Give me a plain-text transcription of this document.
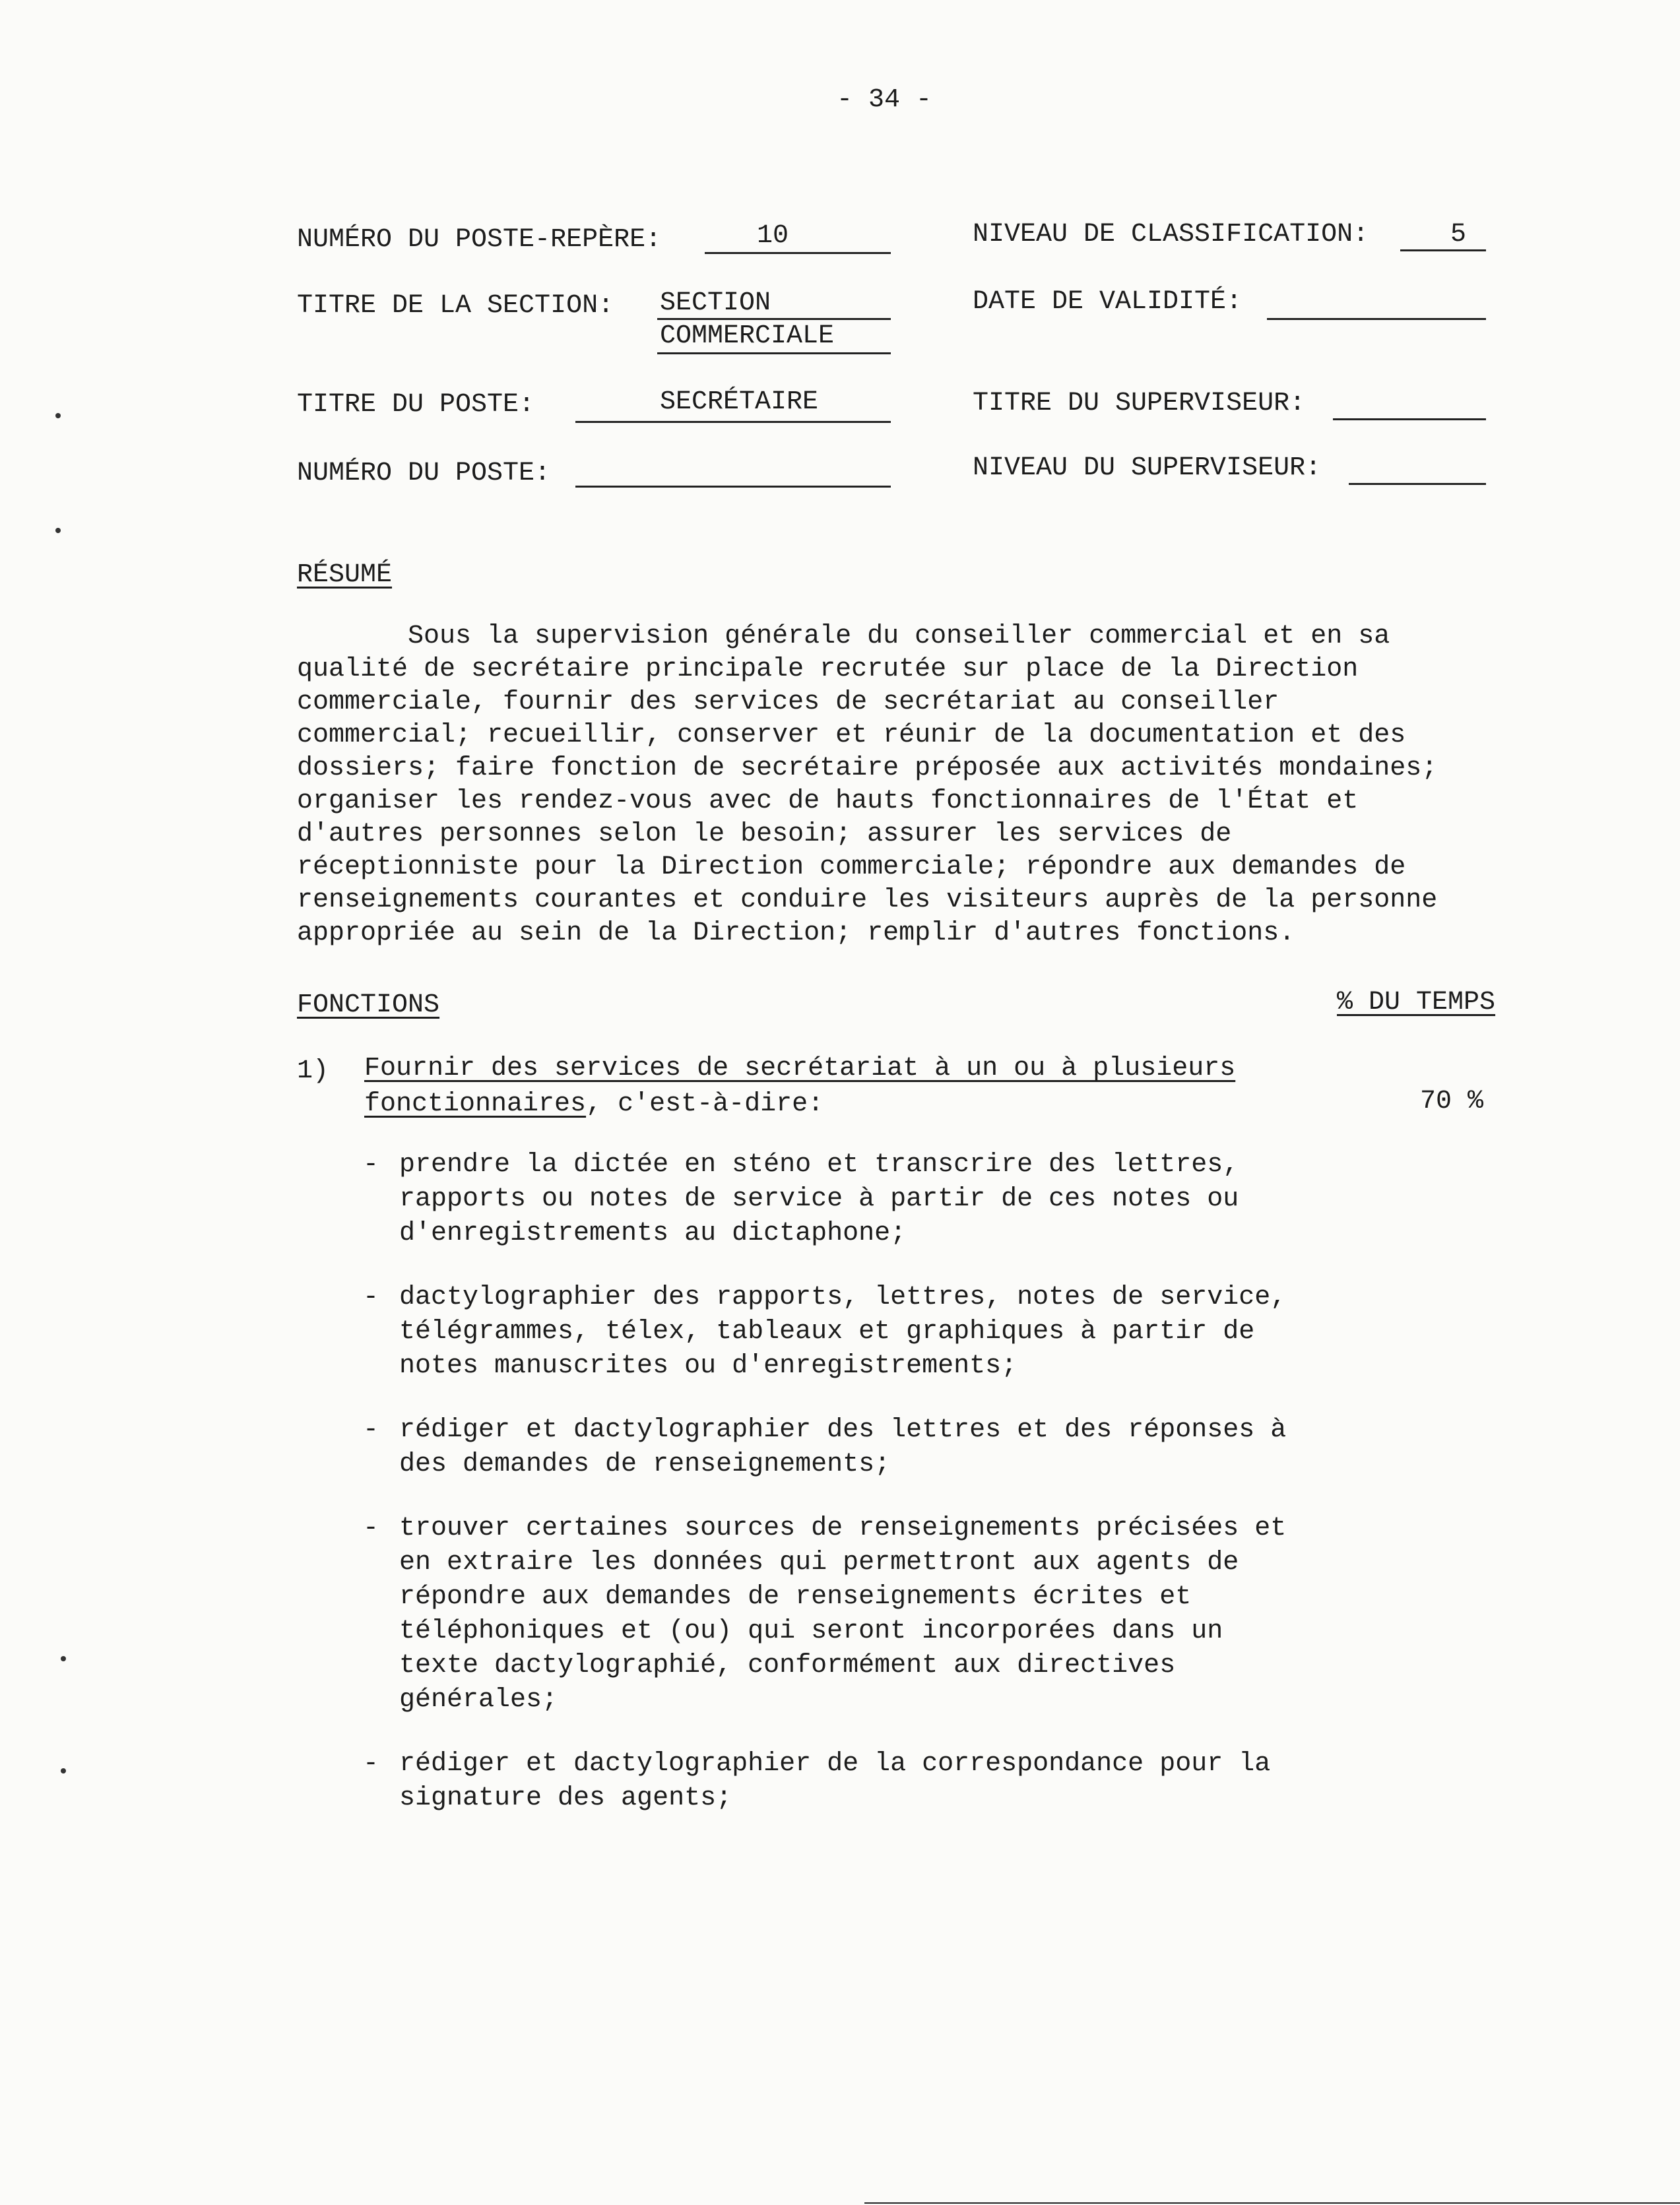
- 34 -
NUMÉRO DU POSTE-REPÈRE:	10
TITRE DE LA SECTION: SECTION
COMMERCIALE
TITRE DU POSTE:	SECRÉTAIRE
NUMÉRO DU POSTE:
NIVEAU DE CLASSIFICATION:	5
DATE DE VALIDITÉ:
TITRE DU SUPERVISEUR:
NIVEAU DU SUPERVISEUR:
RÉSUMÉ
Sous la supervision générale du conseiller commercial et en sa
qualité de secrétaire principale recrutée sur place de la Direction
commerciale, fournir des services de secrétariat au conseiller
commercial; recueillir, conserver et réunir de la documentation et des
dossiers; faire fonction de secrétaire préposée aux activités mondaines;
organiser les rendez-vous avec de hauts fonctionnaires de l'État et
d'autres personnes selon le besoin; assurer les services de
réceptionniste pour la Direction commerciale; répondre aux demandes de
renseignements courantes et conduire les visiteurs auprès de la personne
appropriée au sein de la Direction; remplir d'autres fonctions.
FONCTIONS	% DU TEMPS
1) Fournir des services de secrétariat à un ou à plusieurs
fonctionnaires, c'est-à-dire:	70 %
- prendre la dictée en sténo et transcrire des lettres,
rapports ou notes de service à partir de ces notes ou
d'enregistrements au dictaphone;
- dactylographier des rapports, lettres, notes de service,
télégrammes, télex, tableaux et graphiques à partir de
notes manuscrites ou d'enregistrements;
- rédiger et dactylographier des lettres et des réponses à
des demandes de renseignements;
- trouver certaines sources de renseignements précisées et
en extraire les données qui permettront aux agents de
répondre aux demandes de renseignements écrites et
téléphoniques et (ou) qui seront incorporées dans un
texte dactylographié, conformément aux directives
générales;
- rédiger et dactylographier de la correspondance pour la
signature des agents;
